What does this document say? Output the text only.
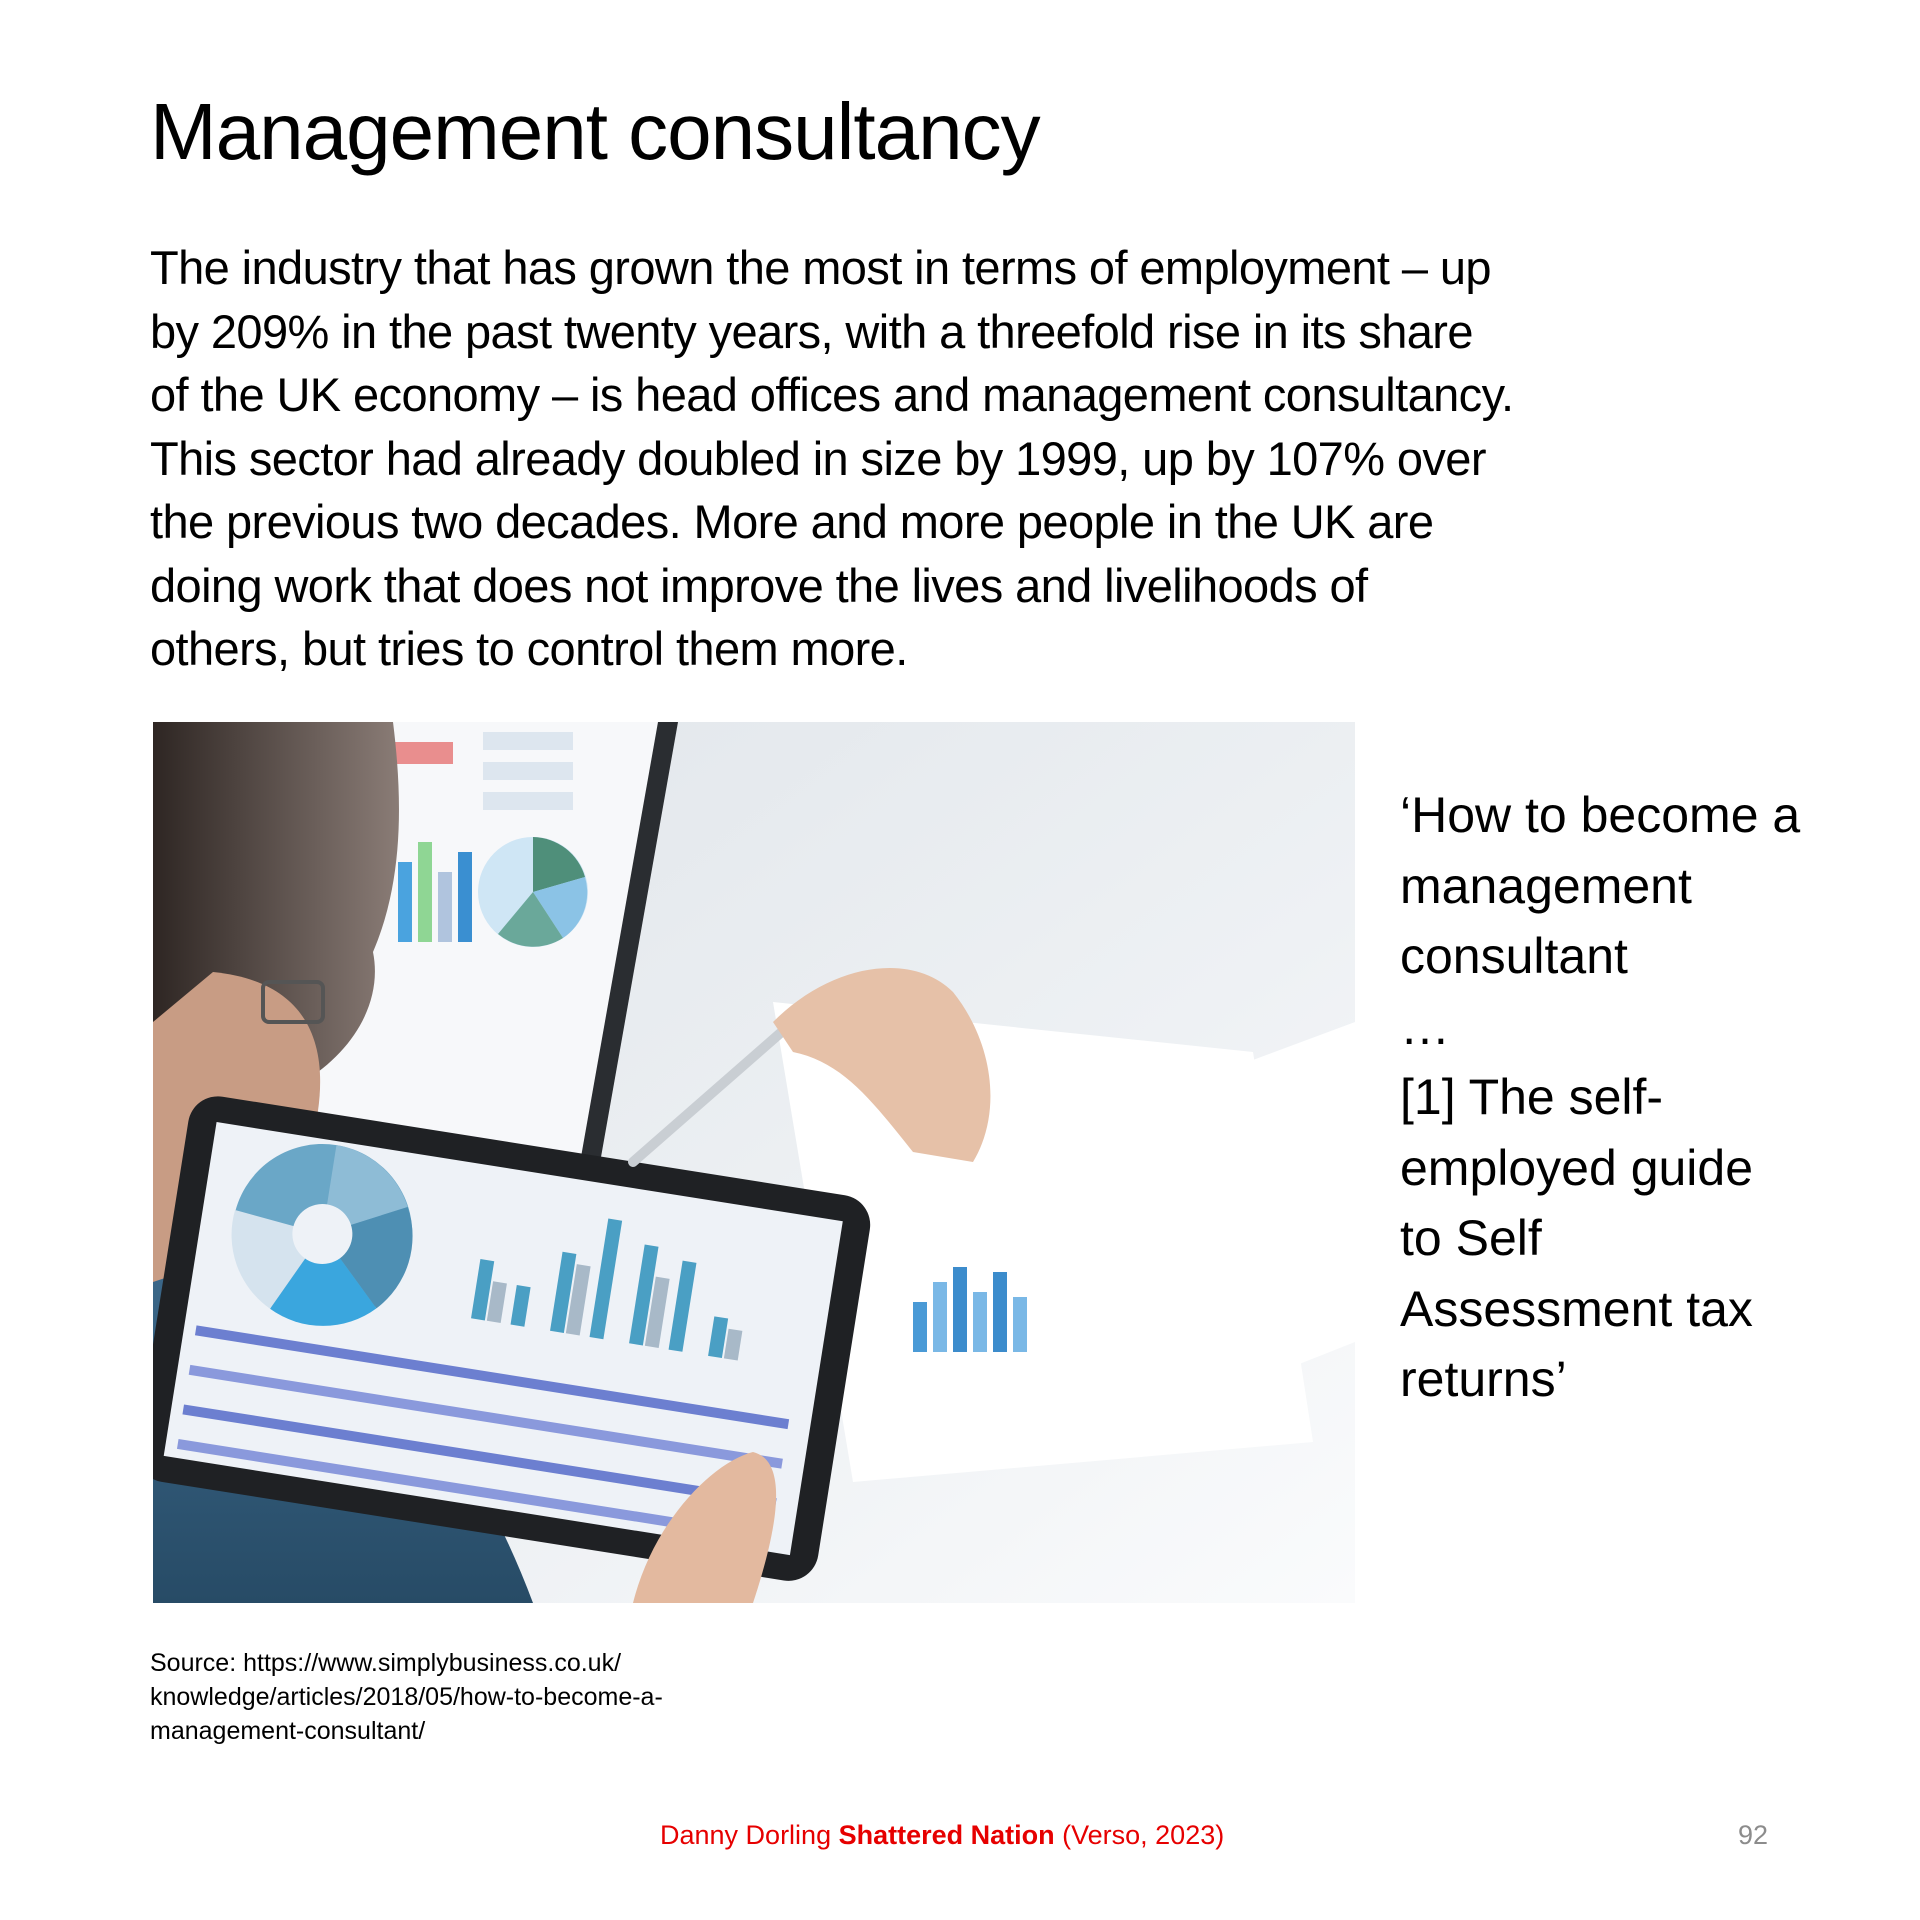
Management consultancy
The industry that has grown the most in terms of employment – up
by 209% in the past twenty years, with a threefold rise in its share
of the UK economy – is head offices and management consultancy.
This sector had already doubled in size by 1999, up by 107% over
the previous two decades. More and more people in the UK are
doing work that does not improve the lives and livelihoods of
others, but tries to control them more.
‘How to become a
management
consultant
…
[1] The self-
employed guide
to Self
Assessment tax
returns’
Source: https://www.simplybusiness.co.uk/
knowledge/articles/2018/05/how-to-become-a-
management-consultant/
Danny Dorling Shattered Nation (Verso, 2023)	92
